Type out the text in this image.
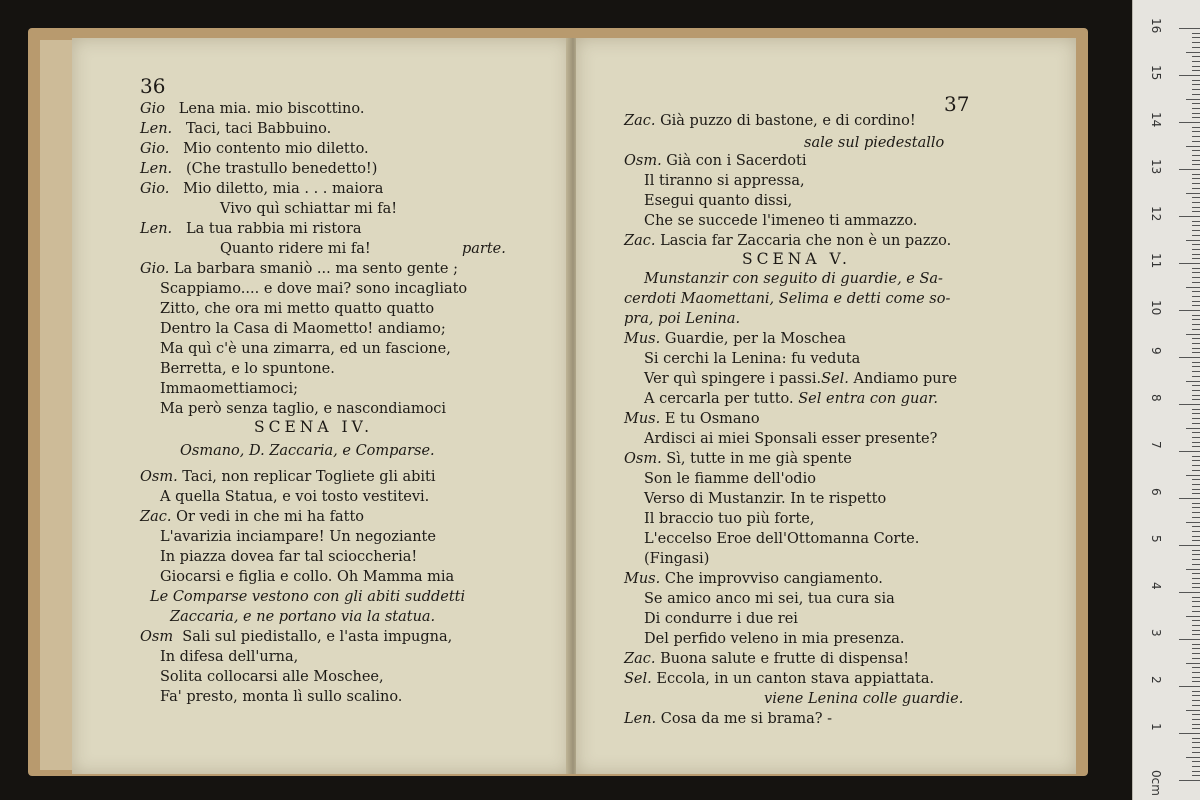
36
Gio Lena mia. mio biscottino.
Len. Taci, taci Babbuino.
Gio. Mio contento mio diletto.
Len. (Che trastullo benedetto!)
Gio. Mio diletto, mia . . . maiora
Vivo quì schiattar mi fa!
Len. La tua rabbia mi ristora
Quanto ridere mi fa!	parte.
Gio. La barbara smaniò ... ma sento gente ;
Scappiamo.... e dove mai? sono incagliato
Zitto, che ora mi metto quatto quatto
Dentro la Casa di Maometto! andiamo;
Ma quì c'è una zimarra, ed un fascione,
Berretta, e lo spuntone.
Immaomettiamoci;
Ma però senza taglio, e nascondiamoci
SCENA IV.
Osmano, D. Zaccaria, e Comparse.
Osm. Taci, non replicar Togliete gli abiti
A quella Statua, e voi tosto vestitevi.
Zac. Or vedi in che mi ha fatto
L'avarizia inciampare! Un negoziante
In piazza dovea far tal scioccheria!
Giocarsi e figlia e collo. Oh Mamma mia
Le Comparse vestono con gli abiti suddetti
Zaccaria, e ne portano via la statua.
Osm Sali sul piedistallo, e l'asta impugna,
In difesa dell'urna,
Solita collocarsi alle Moschee,
Fa' presto, monta lì sullo scalino.
37
Zac. Già puzzo di bastone, e di cordino!
sale sul piedestallo
Osm. Già con i Sacerdoti
Il tiranno si appressa,
Esegui quanto dissi,
Che se succede l'imeneo ti ammazzo.
Zac. Lascia far Zaccaria che non è un pazzo.
SCENA V.
Munstanzir con seguito di guardie, e Sa-
cerdoti Maomettani, Selima e detti come so-
pra, poi Lenina.
Mus. Guardie, per la Moschea
Si cerchi la Lenina: fu veduta
Ver quì spingere i passi.Sel. Andiamo pure
A cercarla per tutto. Sel entra con guar.
Mus. E tu Osmano
Ardisci ai miei Sponsali esser presente?
Osm. Sì, tutte in me già spente
Son le fiamme dell'odio
Verso di Mustanzir. In te rispetto
Il braccio tuo più forte,
L'eccelso Eroe dell'Ottomanna Corte.
(Fingasi)
Mus. Che improvviso cangiamento.
Se amico anco mi sei, tua cura sia
Di condurre i due rei
Del perfido veleno in mia presenza.
Zac. Buona salute e frutte di dispensa!
Sel. Eccola, in un canton stava appiattata.
viene Lenina colle guardie.
Len. Cosa da me si brama? -
0cm
1
2
3
4
5
6
7
8
9
10
11
12
13
14
15
16
